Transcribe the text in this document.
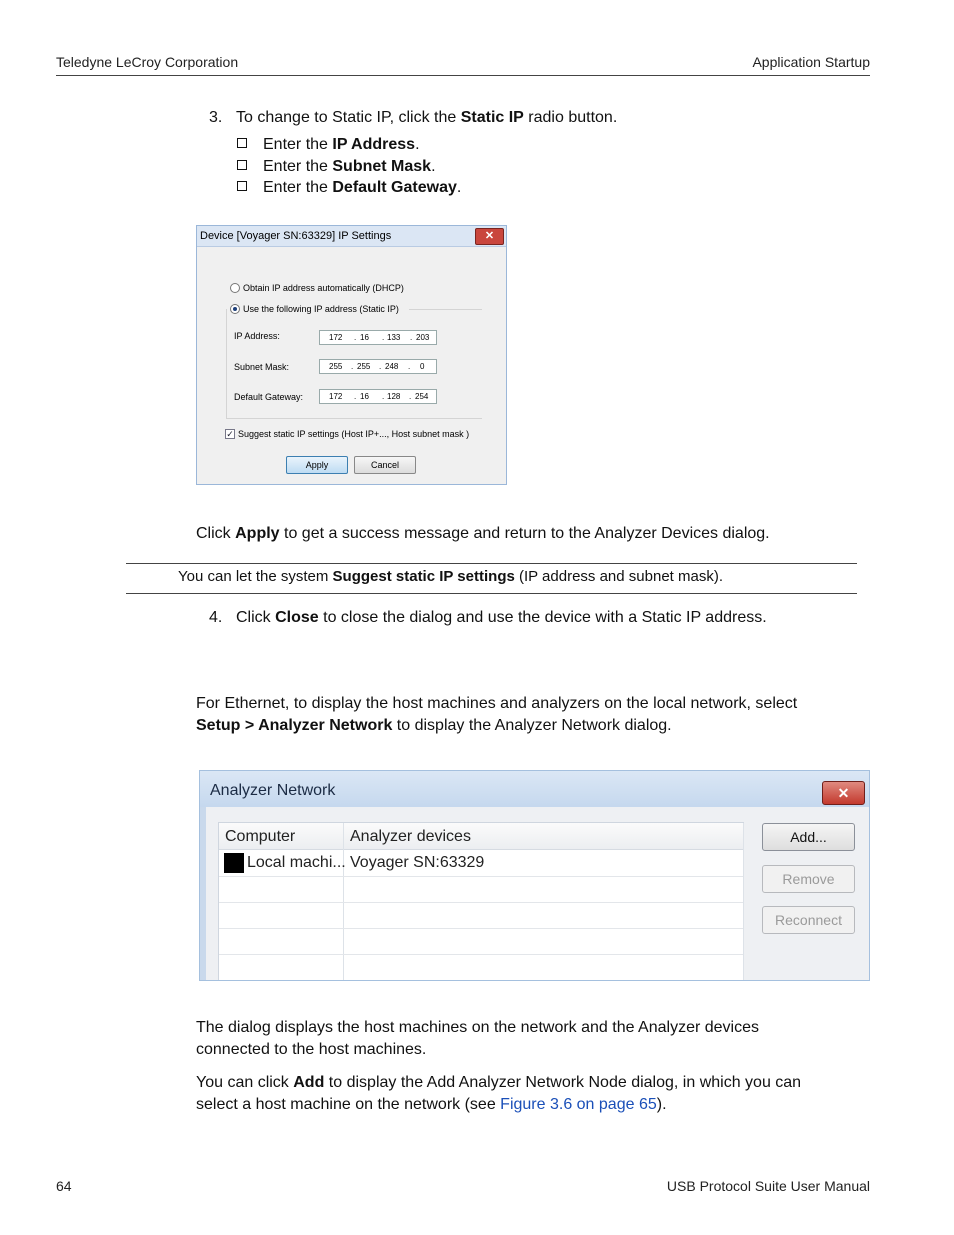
Teledyne LeCroy Corporation	Application Startup
3. To change to Static IP, click the Static IP radio button.
Enter the IP Address.
Enter the Subnet Mask.
Enter the Default Gateway.
Device [Voyager SN:63329] IP Settings	✕
Obtain IP address automatically (DHCP)
Use the following IP address (Static IP)
IP Address:	172 . 16 . 133 . 203
Subnet Mask:	255 . 255 . 248 . 0
Default Gateway:	172 . 16 . 128 . 254
✓ Suggest static IP settings (Host IP+..., Host subnet mask )
Apply	Cancel
Click Apply to get a success message and return to the Analyzer Devices dialog.
You can let the system Suggest static IP settings (IP address and subnet mask).
4. Click Close to close the dialog and use the device with a Static IP address.
For Ethernet, to display the host machines and analyzers on the local network, select
Setup > Analyzer Network to display the Analyzer Network dialog.
Analyzer Network	✕
Computer	Analyzer devices
Local machi... Voyager SN:63329
Add...
Remove
Reconnect
The dialog displays the host machines on the network and the Analyzer devices
connected to the host machines.
You can click Add to display the Add Analyzer Network Node dialog, in which you can
select a host machine on the network (see Figure 3.6 on page 65).
64	USB Protocol Suite User Manual
